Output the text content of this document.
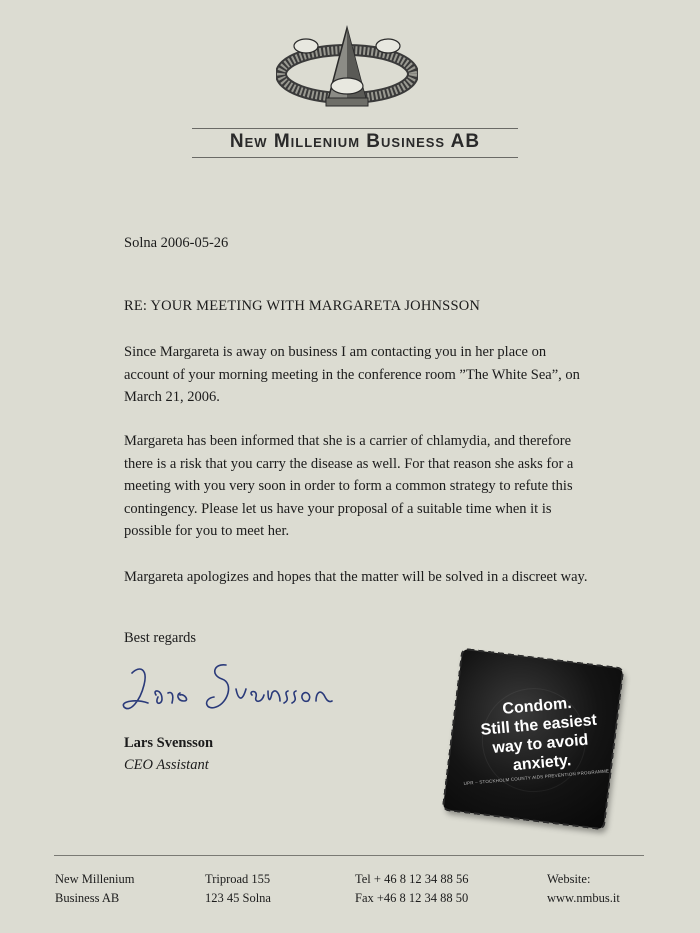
New Millenium Business AB
Solna 2006-05-26
RE: YOUR MEETING WITH MARGARETA JOHNSSON
Since Margareta is away on business I am contacting you in her place on account of your morning meeting in the conference room ”The White Sea”, on March 21, 2006.
Margareta has been informed that she is a carrier of chlamydia, and therefore there is a risk that you carry the disease as well. For that reason she asks for a meeting with you very soon in order to form a common strategy to refute this contingency. Please let us have your proposal of a suitable time when it is possible for you to meet her.
Margareta apologizes and hopes that the matter will be solved in a discreet way.
Best regards
Lars Svensson
CEO Assistant
Condom.
Still the easiest
way to avoid
anxiety.
UPR – STOCKHOLM COUNTY AIDS PREVENTION PROGRAMME
New Millenium
Business AB
Triproad 155
123 45 Solna
Tel + 46 8 12 34 88 56
Fax +46 8 12 34 88 50
Website:
www.nmbus.it
